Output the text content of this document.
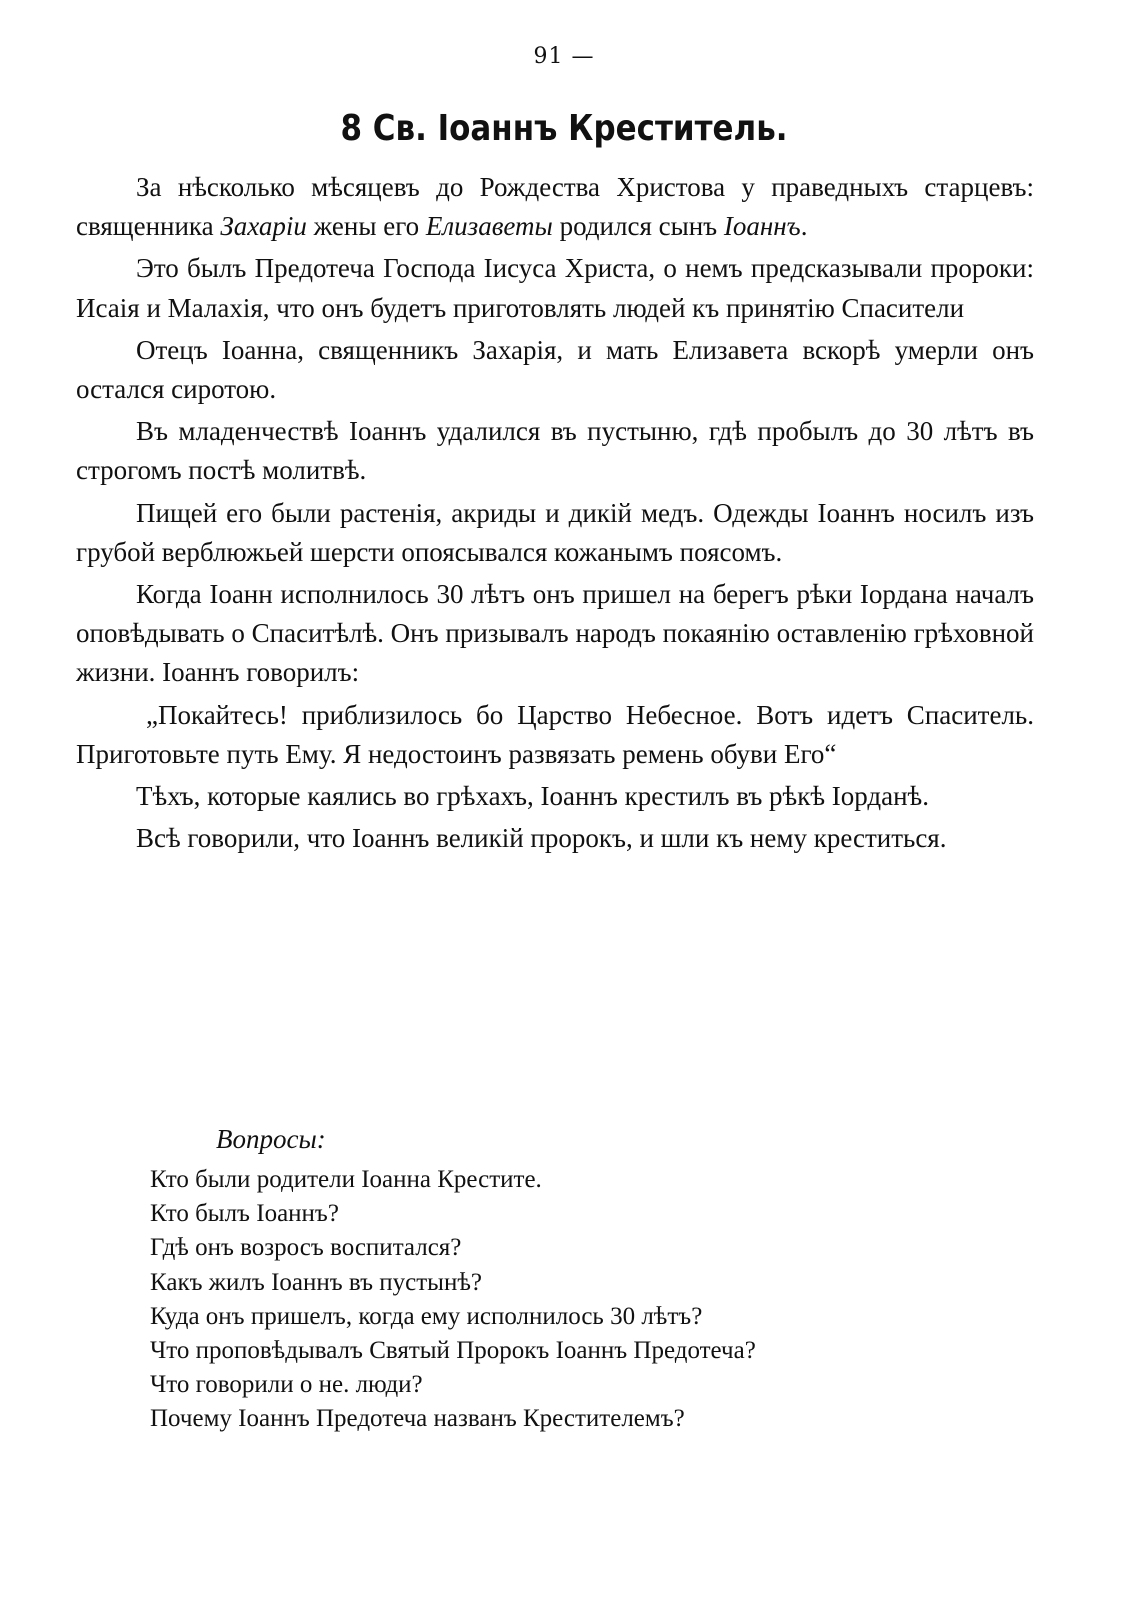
91 —
8 Св. Іоаннъ Креститель.

За нѣсколько мѣсяцевъ до Рождества Христова у праведныхъ старцевъ: священника Захарiи жены его Елизаветы родился сынъ Іоаннъ.

Это былъ Предотеча Господа Іисуса Христа, о немъ предсказывали пророки: Исаія и Малахія, что онъ будетъ приготовлять людей къ принятію Спасители

Отецъ Іоанна, священникъ Захарія, и мать Елизавета вскорѣ умерли онъ остался сиротою.

Въ младенчествѣ Іоаннъ удалился въ пустыню, гдѣ пробылъ до 30 лѣтъ въ строгомъ постѣ молитвѣ.

Пищей его были растенія, акриды и дикій медъ. Одежды Іоаннъ носилъ изъ грубой верблюжьей шерсти опоясывался кожанымъ поясомъ.

Когда Іоанн исполнилось 30 лѣтъ онъ пришел на берегъ рѣки Іордана началъ оповѣдывать о Спаситѣлѣ. Онъ призывалъ народъ покаянію оставленію грѣховной жизни. Іоаннъ говорилъ:

„Покайтесь! приблизилось бо Царство Небесное. Вотъ идетъ Спаситель. Приготовьте путь Ему. Я недостоинъ развязать ремень обуви Его“

Тѣхъ, которые каялись во грѣхахъ, Іоаннъ крестилъ въ рѣкѣ Іорданѣ.

Всѣ говорили, что Іоаннъ великій пророкъ, и шли къ нему креститься.

Вопросы:
Кто были родители Іоанна Крестите.
Кто былъ Іоаннъ?
Гдѣ онъ возросъ воспитался?
Какъ жилъ Іоаннъ въ пустынѣ?
Куда онъ пришелъ, когда ему исполнилось 30 лѣтъ?
Что проповѣдывалъ Святый Пророкъ Іоаннъ Предотеча?
Что говорили о не. люди?
Почему Іоаннъ Предотеча названъ Крестителемъ?
